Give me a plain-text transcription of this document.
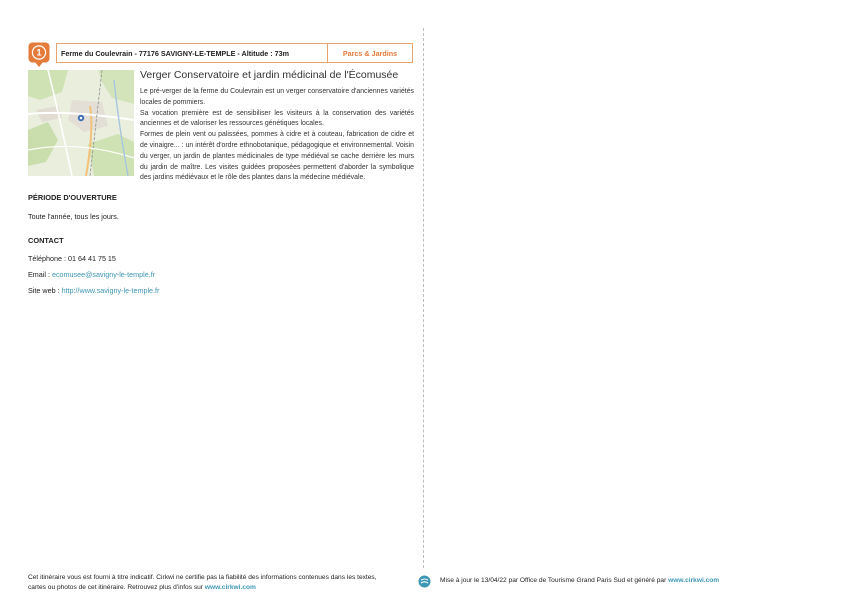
1	Ferme du Coulevrain - 77176 SAVIGNY-LE-TEMPLE - Altitude : 73m	Parcs & Jardins
Verger Conservatoire et jardin médicinal de l'Écomusée

Le pré-verger de la ferme du Coulevrain est un verger conservatoire d'anciennes variétés locales de pommiers.

Sa vocation première est de sensibiliser les visiteurs à la conservation des variétés anciennes et de valoriser les ressources génétiques locales.

Formes de plein vent ou palissées, pommes à cidre et à couteau, fabrication de cidre et de vinaigre... : un intérêt d'ordre ethnobotanique, pédagogique et environnemental. Voisin du verger, un jardin de plantes médicinales de type médiéval se cache derrière les murs du jardin de maître. Les visites guidées proposées permettent d'aborder la symbolique des jardins médiévaux et le rôle des plantes dans la médecine médiévale.

PÉRIODE D'OUVERTURE
Toute l'année, tous les jours.
CONTACT
Téléphone : 01 64 41 75 15
Email : ecomusee@savigny-le-temple.fr
Site web : http://www.savigny-le-temple.fr
Cet itinéraire vous est fourni à titre indicatif. Cirkwi ne certifie pas la fiabilité des informations contenues dans les textes, cartes ou photos de cet itinéraire. Retrouvez plus d'infos sur www.cirkwi.com
Mise à jour le 13/04/22 par Office de Tourisme Grand Paris Sud et généré par www.cirkwi.com
